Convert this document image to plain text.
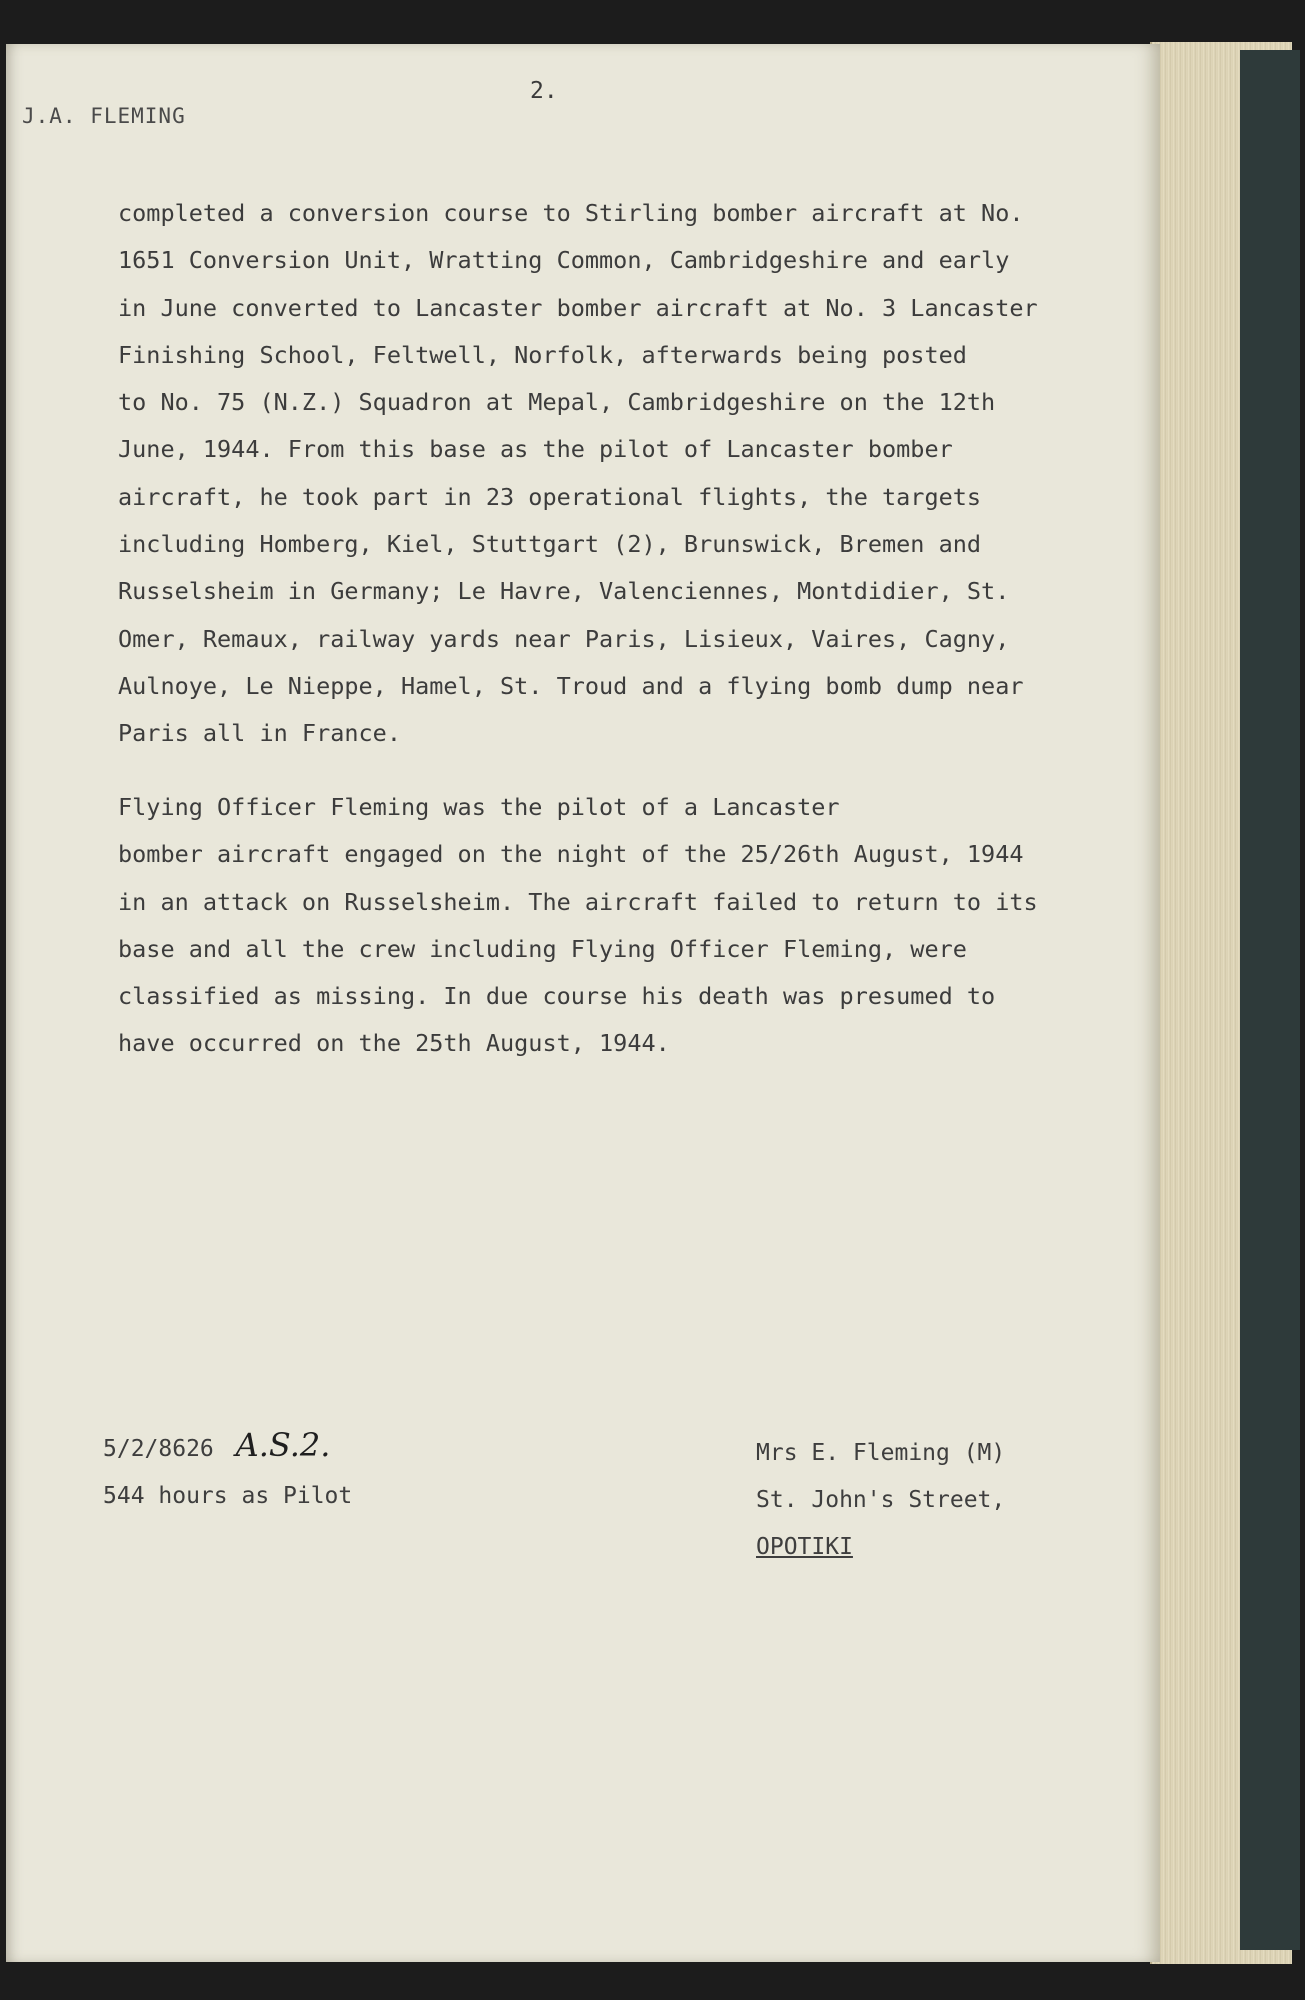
J.A. FLEMING
2.

completed a conversion course to Stirling bomber aircraft at No.
1651 Conversion Unit, Wratting Common, Cambridgeshire and early
in June converted to Lancaster bomber aircraft at No. 3 Lancaster
Finishing School, Feltwell, Norfolk, afterwards being posted
to No. 75 (N.Z.) Squadron at Mepal, Cambridgeshire on the 12th
June, 1944. From this base as the pilot of Lancaster bomber
aircraft, he took part in 23 operational flights, the targets
including Homberg, Kiel, Stuttgart (2), Brunswick, Bremen and
Russelsheim in Germany; Le Havre, Valenciennes, Montdidier, St.
Omer, Remaux, railway yards near Paris, Lisieux, Vaires, Cagny,
Aulnoye, Le Nieppe, Hamel, St. Troud and a flying bomb dump near
Paris all in France.

Flying Officer Fleming was the pilot of a Lancaster
bomber aircraft engaged on the night of the 25/26th August, 1944
in an attack on Russelsheim. The aircraft failed to return to its
base and all the crew including Flying Officer Fleming, were
classified as missing. In due course his death was presumed to
have occurred on the 25th August, 1944.

5/2/8626 A.S.2.
544 hours as Pilot
Mrs E. Fleming (M)
St. John's Street,
OPOTIKI
